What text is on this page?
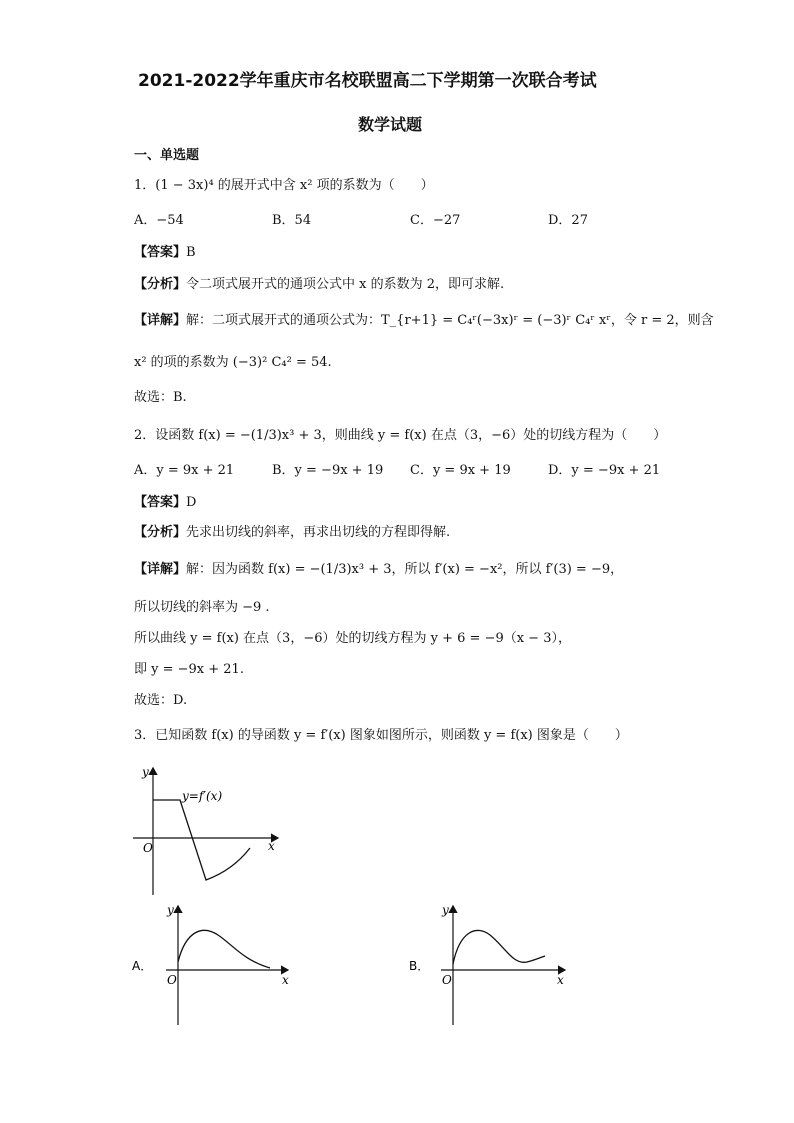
2021-2022学年重庆市名校联盟高二下学期第一次联合考试
数学试题
一、单选题
1．(1 − 3x)⁴ 的展开式中含 x² 项的系数为（　　）
A．−54	B．54	C．−27	D．27
【答案】B
【分析】令二项式展开式的通项公式中 x 的系数为 2，即可求解.
【详解】解：二项式展开式的通项公式为：T_{r+1} = C₄ʳ(−3x)ʳ = (−3)ʳ C₄ʳ xʳ，令 r = 2，则含
x² 的项的系数为 (−3)² C₄² = 54.
故选：B.
2．设函数 f(x) = −(1/3)x³ + 3，则曲线 y = f(x) 在点（3，−6）处的切线方程为（　　）
A．y = 9x + 21	B．y = −9x + 19 C．y = 9x + 19	D．y = −9x + 21
【答案】D
【分析】先求出切线的斜率，再求出切线的方程即得解.
【详解】解：因为函数 f(x) = −(1/3)x³ + 3，所以 f′(x) = −x²，所以 f′(3) = −9，
所以切线的斜率为 −9 .
所以曲线 y = f(x) 在点（3，−6）处的切线方程为 y + 6 = −9（x − 3），
即 y = −9x + 21.
故选：D.
3．已知函数 f(x) 的导函数 y = f′(x) 图象如图所示，则函数 y = f(x) 图象是（　　）
y
x
O
y=f′(x)
A．
y
x
O
B．
y
x
O
